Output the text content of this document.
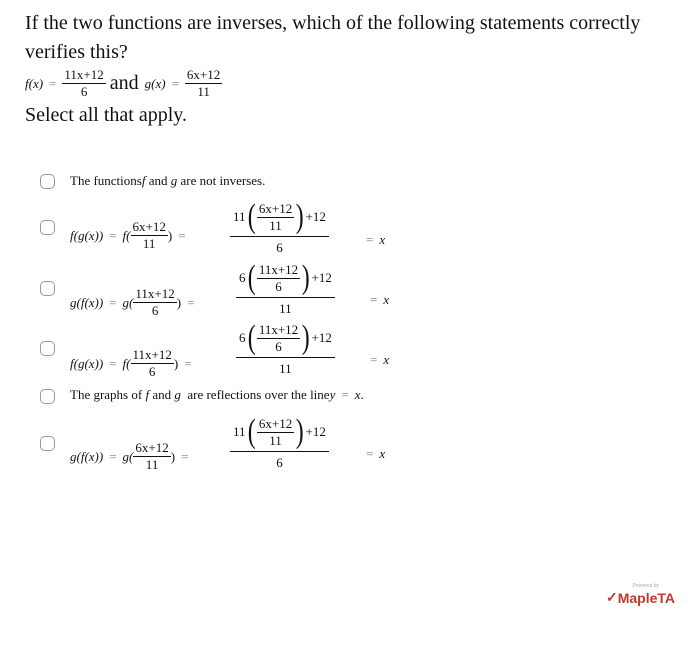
If the two functions are inverses, which of the following statements correctly
verifies this?
$f(x) = \frac{11x+12}{6}$ and $g(x) = \frac{6x+12}{11}$
Select all that apply.
The functions f and g are not inverses.
$f(g(x)) = f( \frac{6x+12}{11}$ ) =
11 ( $\frac{6x+12}{11}$ ) +12
6
= x
$g(f(x)) = g( \frac{11x+12}{6}$ ) =
6 ( $\frac{11x+12}{6}$ ) +12
11
= x
$f(g(x)) = f( \frac{11x+12}{6}$ ) =
6 ( $\frac{11x+12}{6}$ ) +12
11
= x
The graphs of f and g are reflections over the line y = x .
$g(f(x)) = g( \frac{6x+12}{11}$ ) =
11 ( $\frac{6x+12}{11}$ ) +12
6
= x
Powered by
✓ MapleTA
